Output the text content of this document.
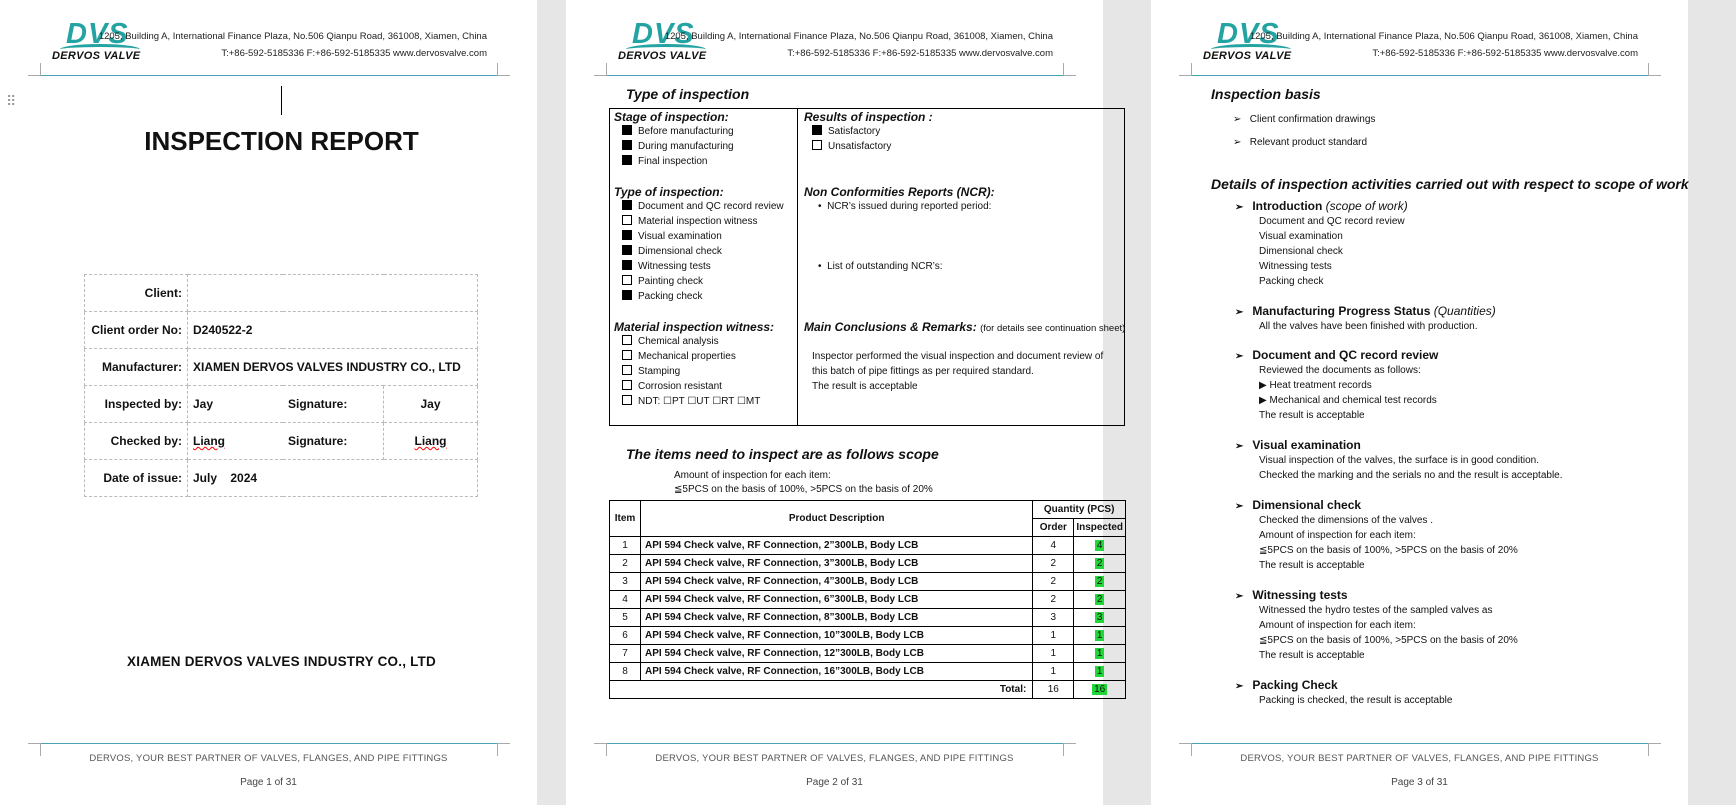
DVS
DERVOS VALVE
1205, Building A, International Finance Plaza, No.506 Qianpu Road, 361008, Xiamen, China
T:+86-592-5185336 F:+86-592-5185335 www.dervosvalve.com
⠿
INSPECTION REPORT
Client:			
Client order No:	D240522-2		
Manufacturer:	XIAMEN DERVOS VALVES INDUSTRY CO., LTD		
Inspected by:	Jay	Signature:	Jay
Checked by:	Liang	Signature:	Liang
Date of issue:	July    2024		
XIAMEN DERVOS VALVES INDUSTRY CO., LTD
DERVOS, YOUR BEST PARTNER OF VALVES, FLANGES, AND PIPE FITTINGS
Page 1 of 31
DVS
DERVOS VALVE
1205, Building A, International Finance Plaza, No.506 Qianpu Road, 361008, Xiamen, China
T:+86-592-5185336 F:+86-592-5185335 www.dervosvalve.com
Type of inspection
Stage of inspection:
Before manufacturing
During manufacturing
Final inspection
Type of inspection:
Document and QC record review
Material inspection witness
Visual examination
Dimensional check
Witnessing tests
Painting check
Packing check
Material inspection witness:
Chemical analysis
Mechanical properties
Stamping
Corrosion resistant
NDT: ☐PT ☐UT ☐RT ☐MT
Results of inspection :
Satisfactory
Unsatisfactory
Non Conformities Reports (NCR):
•  NCR’s issued during reported period:
•  List of outstanding NCR’s:
Main Conclusions & Remarks: (for details see continuation sheet)
Inspector performed the visual inspection and document review of
this batch of pipe fittings as per required standard.
The result is acceptable
The items need to inspect are as follows scope
Amount of inspection for each item:
≦5PCS on the basis of 100%, >5PCS on the basis of 20%
Item	Product Description	Quantity (PCS)	
		Order	Inspected
1	API 594 Check valve, RF Connection, 2”300LB, Body LCB	4	4
2	API 594 Check valve, RF Connection, 3”300LB, Body LCB	2	2
3	API 594 Check valve, RF Connection, 4”300LB, Body LCB	2	2
4	API 594 Check valve, RF Connection, 6”300LB, Body LCB	2	2
5	API 594 Check valve, RF Connection, 8”300LB, Body LCB	3	3
6	API 594 Check valve, RF Connection, 10”300LB, Body LCB	1	1
7	API 594 Check valve, RF Connection, 12”300LB, Body LCB	1	1
8	API 594 Check valve, RF Connection, 16”300LB, Body LCB	1	1
Total:		16	16
DERVOS, YOUR BEST PARTNER OF VALVES, FLANGES, AND PIPE FITTINGS
Page 2 of 31
DVS
DERVOS VALVE
1205, Building A, International Finance Plaza, No.506 Qianpu Road, 361008, Xiamen, China
T:+86-592-5185336 F:+86-592-5185335 www.dervosvalve.com
Inspection basis
➢ Client confirmation drawings
➢ Relevant product standard
Details of inspection activities carried out with respect to scope of work
➢ Introduction (scope of work)
Document and QC record review
Visual examination
Dimensional check
Witnessing tests
Packing check
➢ Manufacturing Progress Status (Quantities)
All the valves have been finished with production.
➢ Document and QC record review
Reviewed the documents as follows:
▶ Heat treatment records
▶ Mechanical and chemical test records
The result is acceptable
➢ Visual examination
Visual inspection of the valves, the surface is in good condition.
Checked the marking and the serials no and the result is acceptable.
➢ Dimensional check
Checked the dimensions of the valves .
Amount of inspection for each item:
≦5PCS on the basis of 100%, >5PCS on the basis of 20%
The result is acceptable
➢ Witnessing tests
Witnessed the hydro testes of the sampled valves as
Amount of inspection for each item:
≦5PCS on the basis of 100%, >5PCS on the basis of 20%
The result is acceptable
➢ Packing Check
Packing is checked, the result is acceptable
DERVOS, YOUR BEST PARTNER OF VALVES, FLANGES, AND PIPE FITTINGS
Page 3 of 31
